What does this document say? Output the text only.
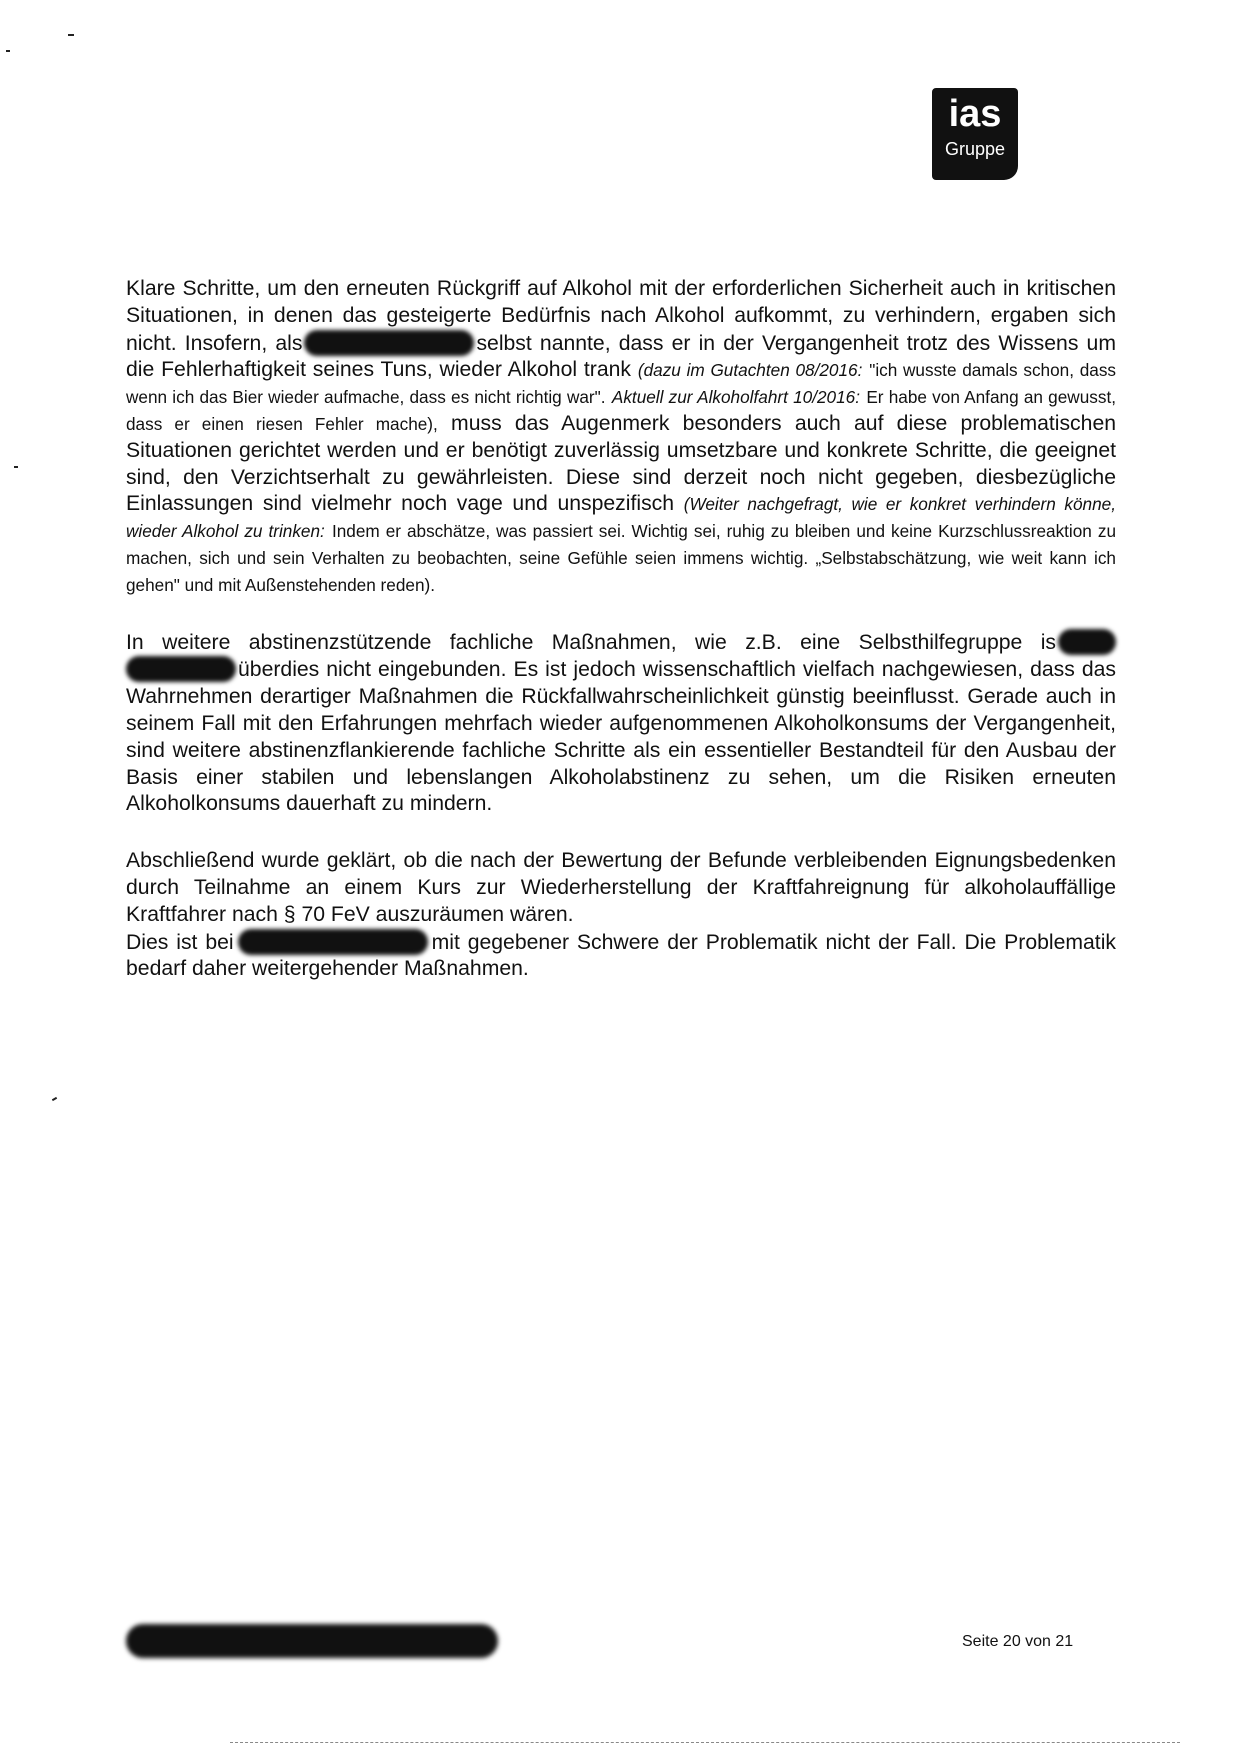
ias
Gruppe

Klare Schritte, um den erneuten Rückgriff auf Alkohol mit der erforderlichen Sicherheit auch in kritischen Situationen, in denen das gesteigerte Bedürfnis nach Alkohol aufkommt, zu verhindern, ergaben sich nicht. Insofern, als	selbst nannte, dass er in der Vergangenheit trotz des Wissens um die Fehlerhaftigkeit seines Tuns, wieder Alkohol trank (dazu im Gutachten 08/2016: "ich wusste damals schon, dass wenn ich das Bier wieder aufmache, dass es nicht richtig war". Aktuell zur Alkoholfahrt 10/2016: Er habe von Anfang an gewusst, dass er einen riesen Fehler mache), muss das Augenmerk besonders auch auf diese problematischen Situationen gerichtet werden und er benötigt zuverlässig umsetzbare und konkrete Schritte, die geeignet sind, den Verzichtserhalt zu gewährleisten. Diese sind derzeit noch nicht gegeben, diesbezügliche Einlassungen sind vielmehr noch vage und unspezifisch (Weiter nachgefragt, wie er konkret verhindern könne, wieder Alkohol zu trinken: Indem er abschätze, was passiert sei. Wichtig sei, ruhig zu bleiben und keine Kurzschlussreaktion zu machen, sich und sein Verhalten zu beobachten, seine Gefühle seien immens wichtig. „Selbstabschätzung, wie weit kann ich gehen" und mit Außenstehenden reden).

In weitere abstinenzstützende fachliche Maßnahmen, wie z.B. eine Selbsthilfegruppe is überdies nicht eingebunden. Es ist jedoch wissenschaftlich vielfach nachgewiesen, dass das Wahrnehmen derartiger Maßnahmen die Rückfallwahrscheinlichkeit günstig beeinflusst. Gerade auch in seinem Fall mit den Erfahrungen mehrfach wieder aufgenommenen Alkoholkonsums der Vergangenheit, sind weitere abstinenzflankierende fachliche Schritte als ein essentieller Bestandteil für den Ausbau der Basis einer stabilen und lebenslangen Alkoholabstinenz zu sehen, um die Risiken erneuten Alkoholkonsums dauerhaft zu mindern.

Abschließend wurde geklärt, ob die nach der Bewertung der Befunde verbleibenden Eignungsbedenken durch Teilnahme an einem Kurs zur Wiederherstellung der Kraftfahreignung für alkoholauffällige Kraftfahrer nach § 70 FeV auszuräumen wären.
Dies ist bei	mit gegebener Schwere der Problematik nicht der Fall. Die Problematik bedarf daher weitergehender Maßnahmen.

Seite 20 von 21
